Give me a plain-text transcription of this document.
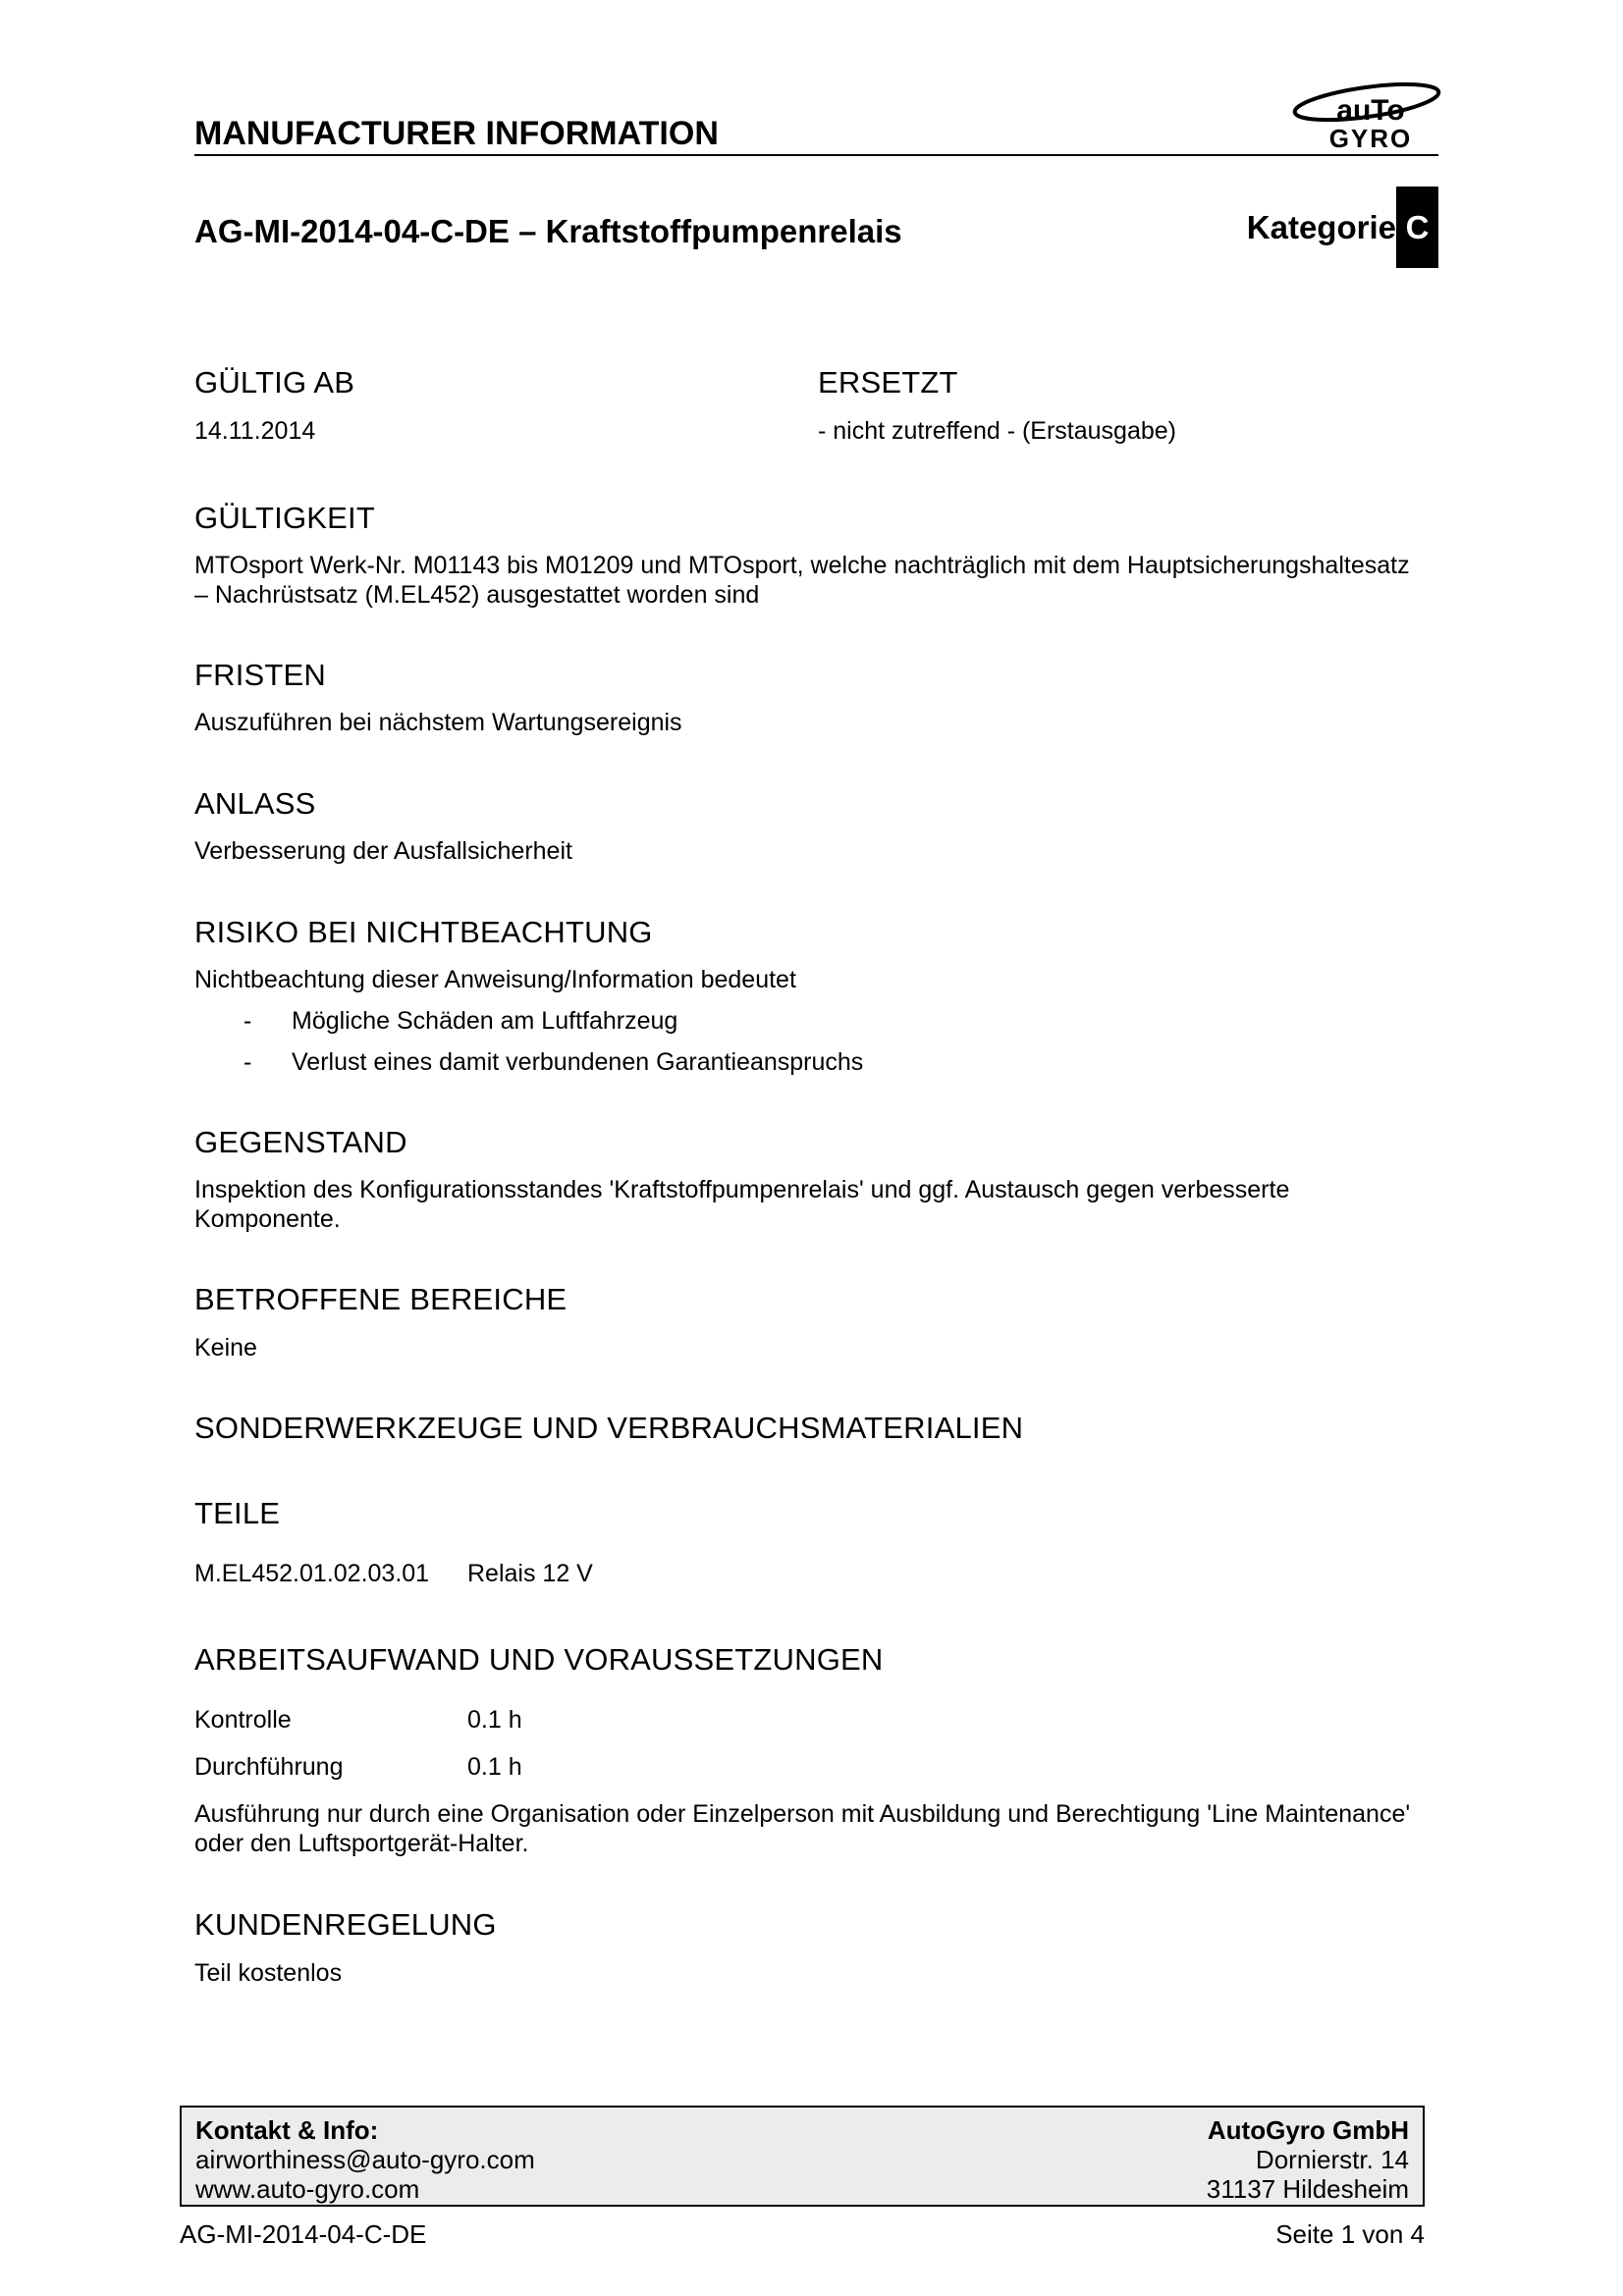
MANUFACTURER INFORMATION
auTo
GYRO
AG-MI-2014-04-C-DE – Kraftstoffpumpenrelais	Kategorie C
GÜLTIG AB
14.11.2014
ERSETZT
- nicht zutreffend - (Erstausgabe)
GÜLTIGKEIT
MTOsport Werk-Nr. M01143 bis M01209 und MTOsport, welche nachträglich mit dem Hauptsicherungshaltesatz
– Nachrüstsatz (M.EL452) ausgestattet worden sind
FRISTEN
Auszuführen bei nächstem Wartungsereignis
ANLASS
Verbesserung der Ausfallsicherheit
RISIKO BEI NICHTBEACHTUNG
Nichtbeachtung dieser Anweisung/Information bedeutet
- Mögliche Schäden am Luftfahrzeug
- Verlust eines damit verbundenen Garantieanspruchs
GEGENSTAND
Inspektion des Konfigurationsstandes 'Kraftstoffpumpenrelais' und ggf. Austausch gegen verbesserte
Komponente.
BETROFFENE BEREICHE
Keine
SONDERWERKZEUGE UND VERBRAUCHSMATERIALIEN
TEILE
M.EL452.01.02.03.01 Relais 12 V
ARBEITSAUFWAND UND VORAUSSETZUNGEN
Kontrolle	0.1 h
Durchführung	0.1 h
Ausführung nur durch eine Organisation oder Einzelperson mit Ausbildung und Berechtigung 'Line Maintenance'
oder den Luftsportgerät-Halter.
KUNDENREGELUNG
Teil kostenlos
Kontakt & Info:
airworthiness@auto-gyro.com
www.auto-gyro.com
AutoGyro GmbH
Dornierstr. 14
31137 Hildesheim
AG-MI-2014-04-C-DE	Seite 1 von 4
